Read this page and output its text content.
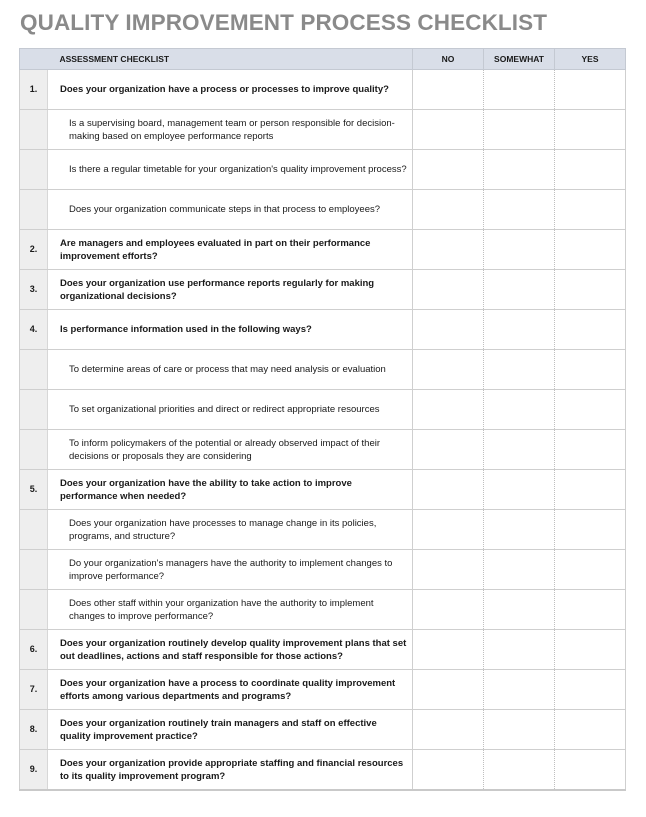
QUALITY IMPROVEMENT PROCESS CHECKLIST
	ASSESSMENT CHECKLIST	NO	SOMEWHAT	YES
1.	Does your organization have a process or processes to improve quality?			
	Is a supervising board, management team or person responsible for decision-making based on employee performance reports			
	Is there a regular timetable for your organization's quality improvement process?			
	Does your organization communicate steps in that process to employees?			
2.	Are managers and employees evaluated in part on their performance improvement efforts?			
3.	Does your organization use performance reports regularly for making organizational decisions?			
4.	Is performance information used in the following ways?			
	To determine areas of care or process that may need analysis or evaluation			
	To set organizational priorities and direct or redirect appropriate resources			
	To inform policymakers of the potential or already observed impact of their decisions or proposals they are considering			
5.	Does your organization have the ability to take action to improve performance when needed?			
	Does your organization have processes to manage change in its policies, programs, and structure?			
	Do your organization's managers have the authority to implement changes to improve performance?			
	Does other staff within your organization have the authority to implement changes to improve performance?			
6.	Does your organization routinely develop quality improvement plans that set out deadlines, actions and staff responsible for those actions?			
7.	Does your organization have a process to coordinate quality improvement efforts among various departments and programs?			
8.	Does your organization routinely train managers and staff on effective quality improvement practice?			
9.	Does your organization provide appropriate staffing and financial resources to its quality improvement program?			
